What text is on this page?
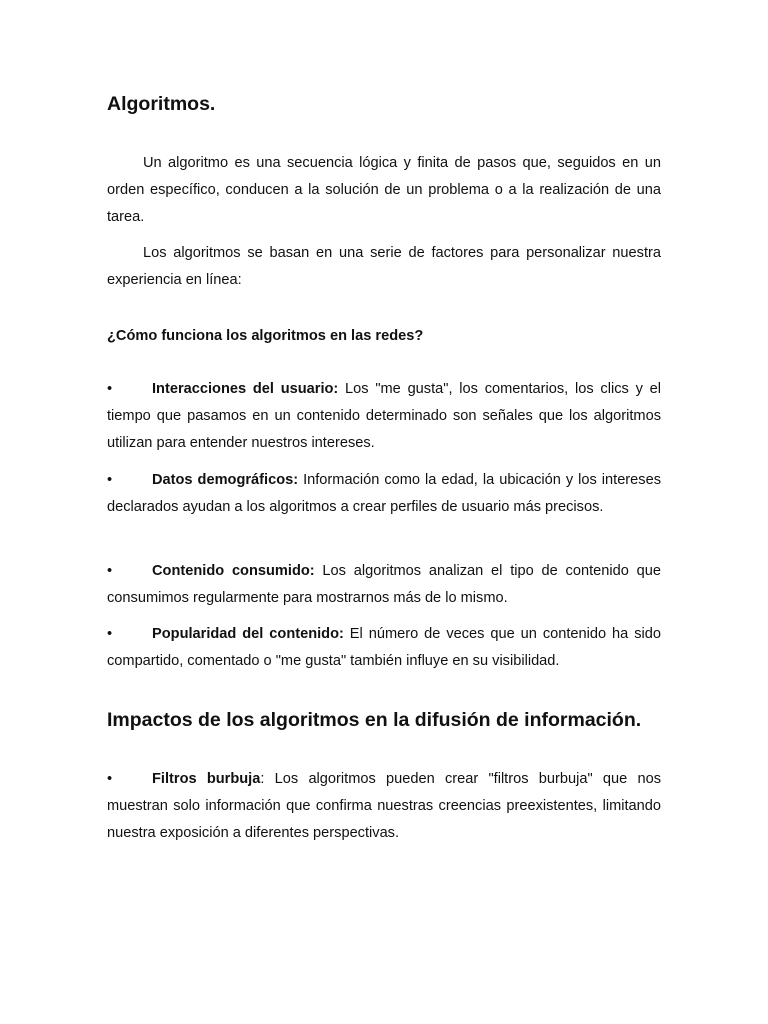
Algoritmos.

Un algoritmo es una secuencia lógica y finita de pasos que, seguidos en un orden específico, conducen a la solución de un problema o a la realización de una tarea.

Los algoritmos se basan en una serie de factores para personalizar nuestra experiencia en línea:

¿Cómo funciona los algoritmos en las redes?

•	Interacciones del usuario: Los "me gusta", los comentarios, los clics y el tiempo que pasamos en un contenido determinado son señales que los algoritmos utilizan para entender nuestros intereses.

•	Datos demográficos: Información como la edad, la ubicación y los intereses declarados ayudan a los algoritmos a crear perfiles de usuario más precisos.

•	Contenido consumido: Los algoritmos analizan el tipo de contenido que consumimos regularmente para mostrarnos más de lo mismo.

•	Popularidad del contenido: El número de veces que un contenido ha sido compartido, comentado o "me gusta" también influye en su visibilidad.

Impactos de los algoritmos en la difusión de información.

•	Filtros burbuja: Los algoritmos pueden crear "filtros burbuja" que nos muestran solo información que confirma nuestras creencias preexistentes, limitando nuestra exposición a diferentes perspectivas.
